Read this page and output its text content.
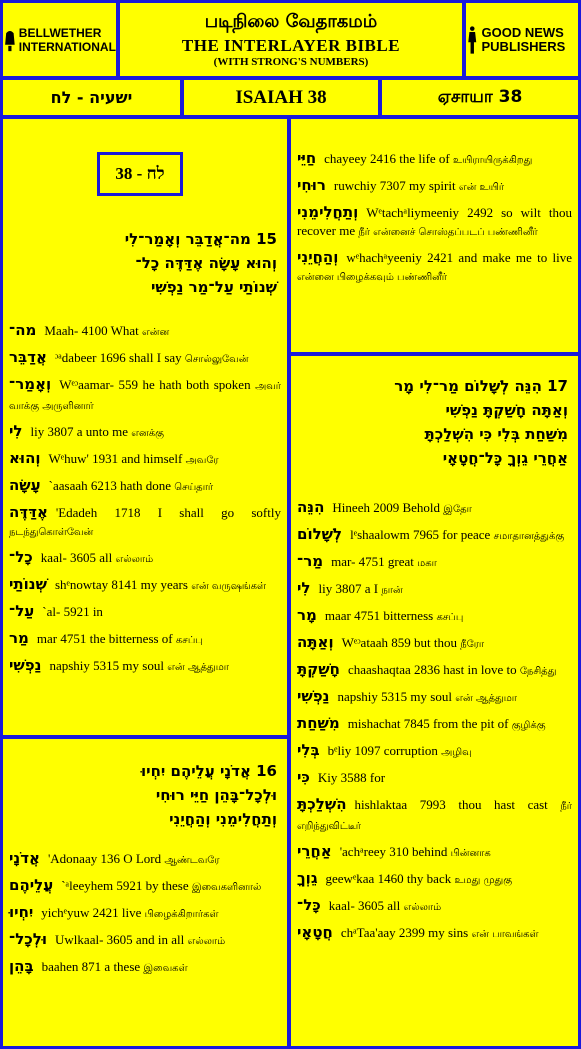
BELLWETHER INTERNATIONAL
படிநிலை வேதாகமம்
THE INTERLAYER BIBLE
(WITH STRONG'S NUMBERS)
GOOD NEWS PUBLISHERS
ישעיה - לח	ISAIAH 38	ஏசாயா 38
38 - לח
15 מה־אֲדַבֵּר וְאָמַר־לִי
וְהוּא עָשָׂה אֶדַּדֶּה כָל־
שְׁנוֹתַי עַל־מַר נַפְשִׁי
מה־ Maah- 4100 What என்ன
אֲדַבֵּר ᵓᵃdabeer 1696 shall I say சொல்லுவேன்
וְאָמַר־ Wᵉᵓaamar- 559 he hath both spoken அவர் வாக்கு அருளினார்
לִי liy 3807 a unto me எனக்கு
וְהוּא Wᵉhuw' 1931 and himself அவரே
עָשָׂה `aasaah 6213 hath done செய்தார்
אֶדַּדֶּה 'Edadeh 1718 I shall go softly நடந்துகொள்வேன்
כָל־ kaal- 3605 all எல்லாம்
שְׁנוֹתַי shᵉnowtay 8141 my years என் வருஷங்கள்
עַל־ `al- 5921 in
מַר mar 4751 the bitterness of கசப்பு
נַפְשִׁי napshiy 5315 my soul என் ஆத்துமா
16 אֲדֹנָי עֲלֵיהֶם יִחְיוּ
וּלְכָל־בָּהֵן חַיֵּי רוּחִי
וְתַחֲלִימֵנִי וְהַחֲיֵנִי
אֲדֹנָי 'Adonaay 136 O Lord ஆண்டவரே
עֲלֵיהֶם `ᵃleeyhem 5921 by these இவைகளினால்
יִחְיוּ yichᵉyuw 2421 live பிழைக்கிறார்கள்
וּלְכָל־ Uwlkaal- 3605 and in all எல்லாம்
בָּהֵן baahen 871 a these இவைகள்
חַיֵּי chayeey 2416 the life of உயிராயிருக்கிறது
רוּחִי ruwchiy 7307 my spirit என் உயிர்
וְתַחֲלִימֵנִי Wᵉtachᵃliymeeniy 2492 so wilt thou recover me நீர் என்னைச் சொஸ்தப்படப் பண்ணினீர்
וְהַחֲיֵנִי wᵉhachᵃyeeniy 2421 and make me to live என்னை பிழைக்கவும் பண்ணினீர்
17 הִנֵּה לְשָׁלוֹם מַר־לִי מָר
וְאַתָּה חָשַׁקְתָּ נַפְשִׁי
מִשַּׁחַת בְּלִי כִּי הִשְׁלַכְתָּ
אַחֲרֵי גֵוְךָ כָּל־חֲטָאָי
הִנֵּה Hineeh 2009 Behold இதோ
לְשָׁלוֹם lᵉshaalowm 7965 for peace சமாதானத்துக்கு
מַר־ mar- 4751 great மகா
לִי liy 3807 a I நான்
מָר maar 4751 bitterness கசப்பு
וְאַתָּה Wᵉᵓataah 859 but thou நீரோ
חָשַׁקְתָּ chaashaqtaa 2836 hast in love to நேசித்து
נַפְשִׁי napshiy 5315 my soul என் ஆத்துமா
מִשַּׁחַת mishachat 7845 from the pit of குழிக்கு
בְּלִי bᵉliy 1097 corruption அழிவு
כִּי Kiy 3588 for
הִשְׁלַכְתָּ hishlaktaa 7993 thou hast cast நீர் எறிந்துவிட்டீர்
אַחֲרֵי 'achᵃreey 310 behind பின்னாக
גֵוְךָ geewᵉkaa 1460 thy back உமது முதுகு
כָּל־ kaal- 3605 all எல்லாம்
חֲטָאָי chᵃTaa'aay 2399 my sins என் பாவங்கள்
